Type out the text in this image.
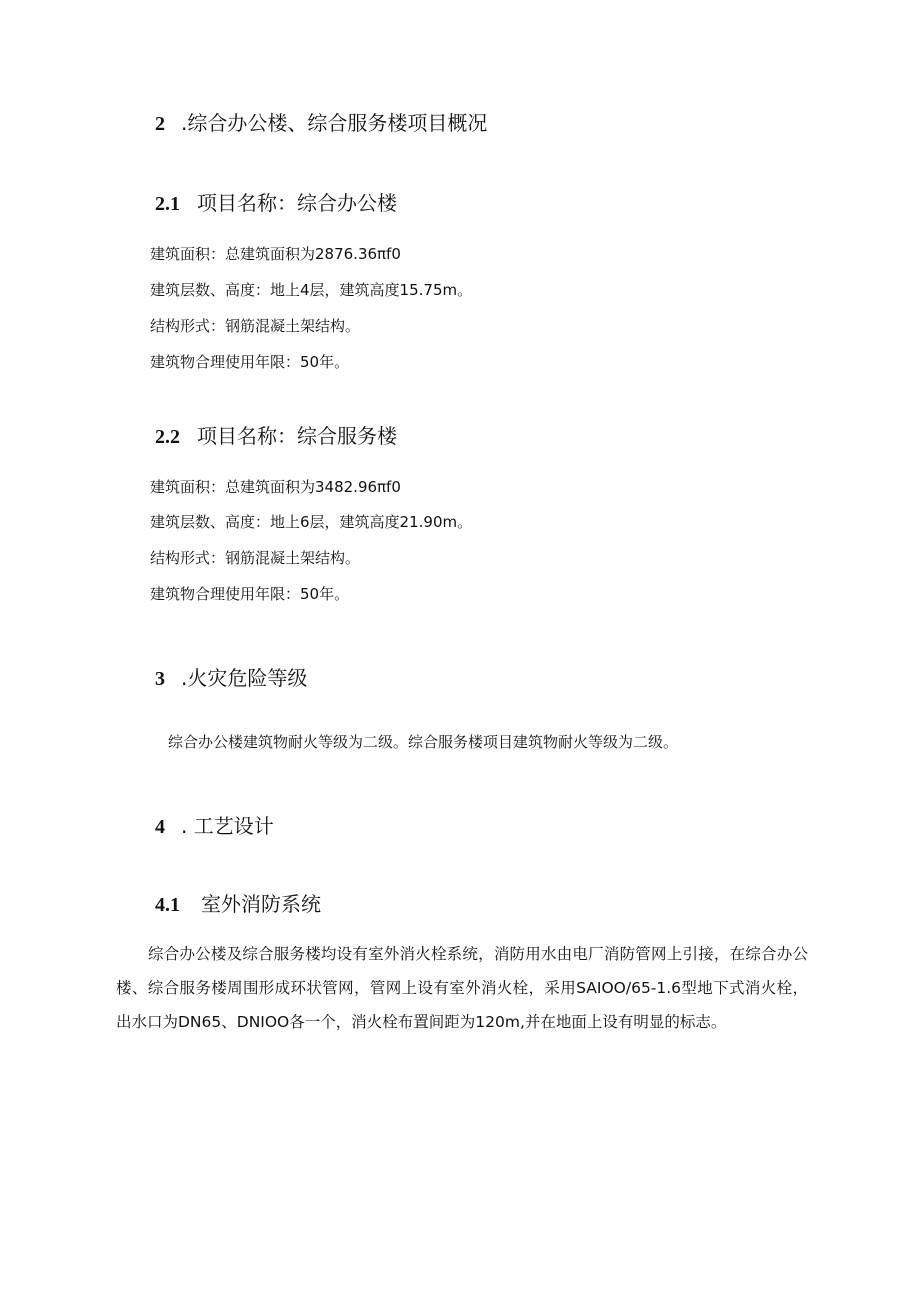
2 .综合办公楼、综合服务楼项目概况
2.1 项目名称：综合办公楼
建筑面积：总建筑面积为2876.36πf0
建筑层数、高度：地上4层，建筑高度15.75m。
结构形式：钢筋混凝土架结构。
建筑物合理使用年限：50年。
2.2 项目名称：综合服务楼
建筑面积：总建筑面积为3482.96πf0
建筑层数、高度：地上6层，建筑高度21.90m。
结构形式：钢筋混凝土架结构。
建筑物合理使用年限：50年。
3 .火灾危险等级
综合办公楼建筑物耐火等级为二级。综合服务楼项目建筑物耐火等级为二级。
4 . 工艺设计
4.1 室外消防系统
综合办公楼及综合服务楼均设有室外消火栓系统，消防用水由电厂消防管网上引接，在综合办公楼、综合服务楼周围形成环状管网，管网上设有室外消火栓，采用SAIOO/65-1.6型地下式消火栓，出水口为DN65、DNIOO各一个，消火栓布置间距为120m,并在地面上设有明显的标志。
